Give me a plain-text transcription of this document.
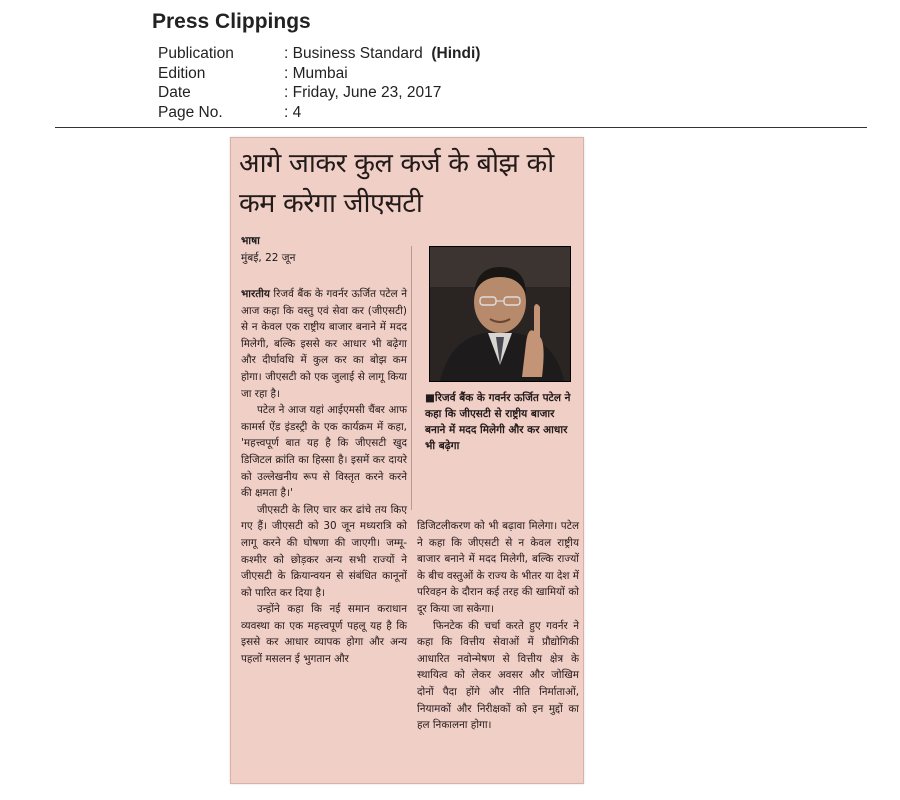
Press Clippings
Publication	: Business Standard (Hindi)
Edition	: Mumbai
Date	: Friday, June 23, 2017
Page No.	: 4
आगे जाकर कुल कर्ज के बोझ को कम करेगा जीएसटी
भाषा
मुंबई, 22 जून

भारतीय रिजर्व बैंक के गवर्नर ऊर्जित पटेल ने आज कहा कि वस्तु एवं सेवा कर (जीएसटी) से न केवल एक राष्ट्रीय बाजार बनाने में मदद मिलेगी, बल्कि इससे कर आधार भी बढ़ेगा और दीर्घावधि में कुल कर का बोझ कम होगा। जीएसटी को एक जुलाई से लागू किया जा रहा है।

पटेल ने आज यहां आईएमसी चैंबर आफ कामर्स ऐंड इंडस्ट्री के एक कार्यक्रम में कहा, 'महत्त्वपूर्ण बात यह है कि जीएसटी खुद डिजिटल क्रांति का हिस्सा है। इसमें कर दायरे को उल्लेखनीय रूप से विस्तृत करने करने की क्षमता है।'

जीएसटी के लिए चार कर ढांचे तय किए गए हैं। जीएसटी को 30 जून मध्यरात्रि को लागू करने की घोषणा की जाएगी। जम्मू-कश्मीर को छोड़कर अन्य सभी राज्यों ने जीएसटी के क्रियान्वयन से संबंधित कानूनों को पारित कर दिया है।

उन्होंने कहा कि नई समान कराधान व्यवस्था का एक महत्त्वपूर्ण पहलू यह है कि इससे कर आधार व्यापक होगा और अन्य पहलों मसलन ई भुगतान और

■रिजर्व बैंक के गवर्नर ऊर्जित पटेल ने कहा कि जीएसटी से राष्ट्रीय बाजार बनाने में मदद मिलेगी और कर आधार भी बढ़ेगा

डिजिटलीकरण को भी बढ़ावा मिलेगा। पटेल ने कहा कि जीएसटी से न केवल राष्ट्रीय बाजार बनाने में मदद मिलेगी, बल्कि राज्यों के बीच वस्तुओं के राज्य के भीतर या देश में परिवहन के दौरान कई तरह की खामियों को दूर किया जा सकेगा।

फिनटेक की चर्चा करते हुए गवर्नर ने कहा कि वित्तीय सेवाओं में प्रौद्योगिकी आधारित नवोन्मेषण से वित्तीय क्षेत्र के स्थायित्व को लेकर अवसर और जोखिम दोनों पैदा होंगे और नीति निर्माताओं, नियामकों और निरीक्षकों को इन मुद्दों का हल निकालना होगा।
